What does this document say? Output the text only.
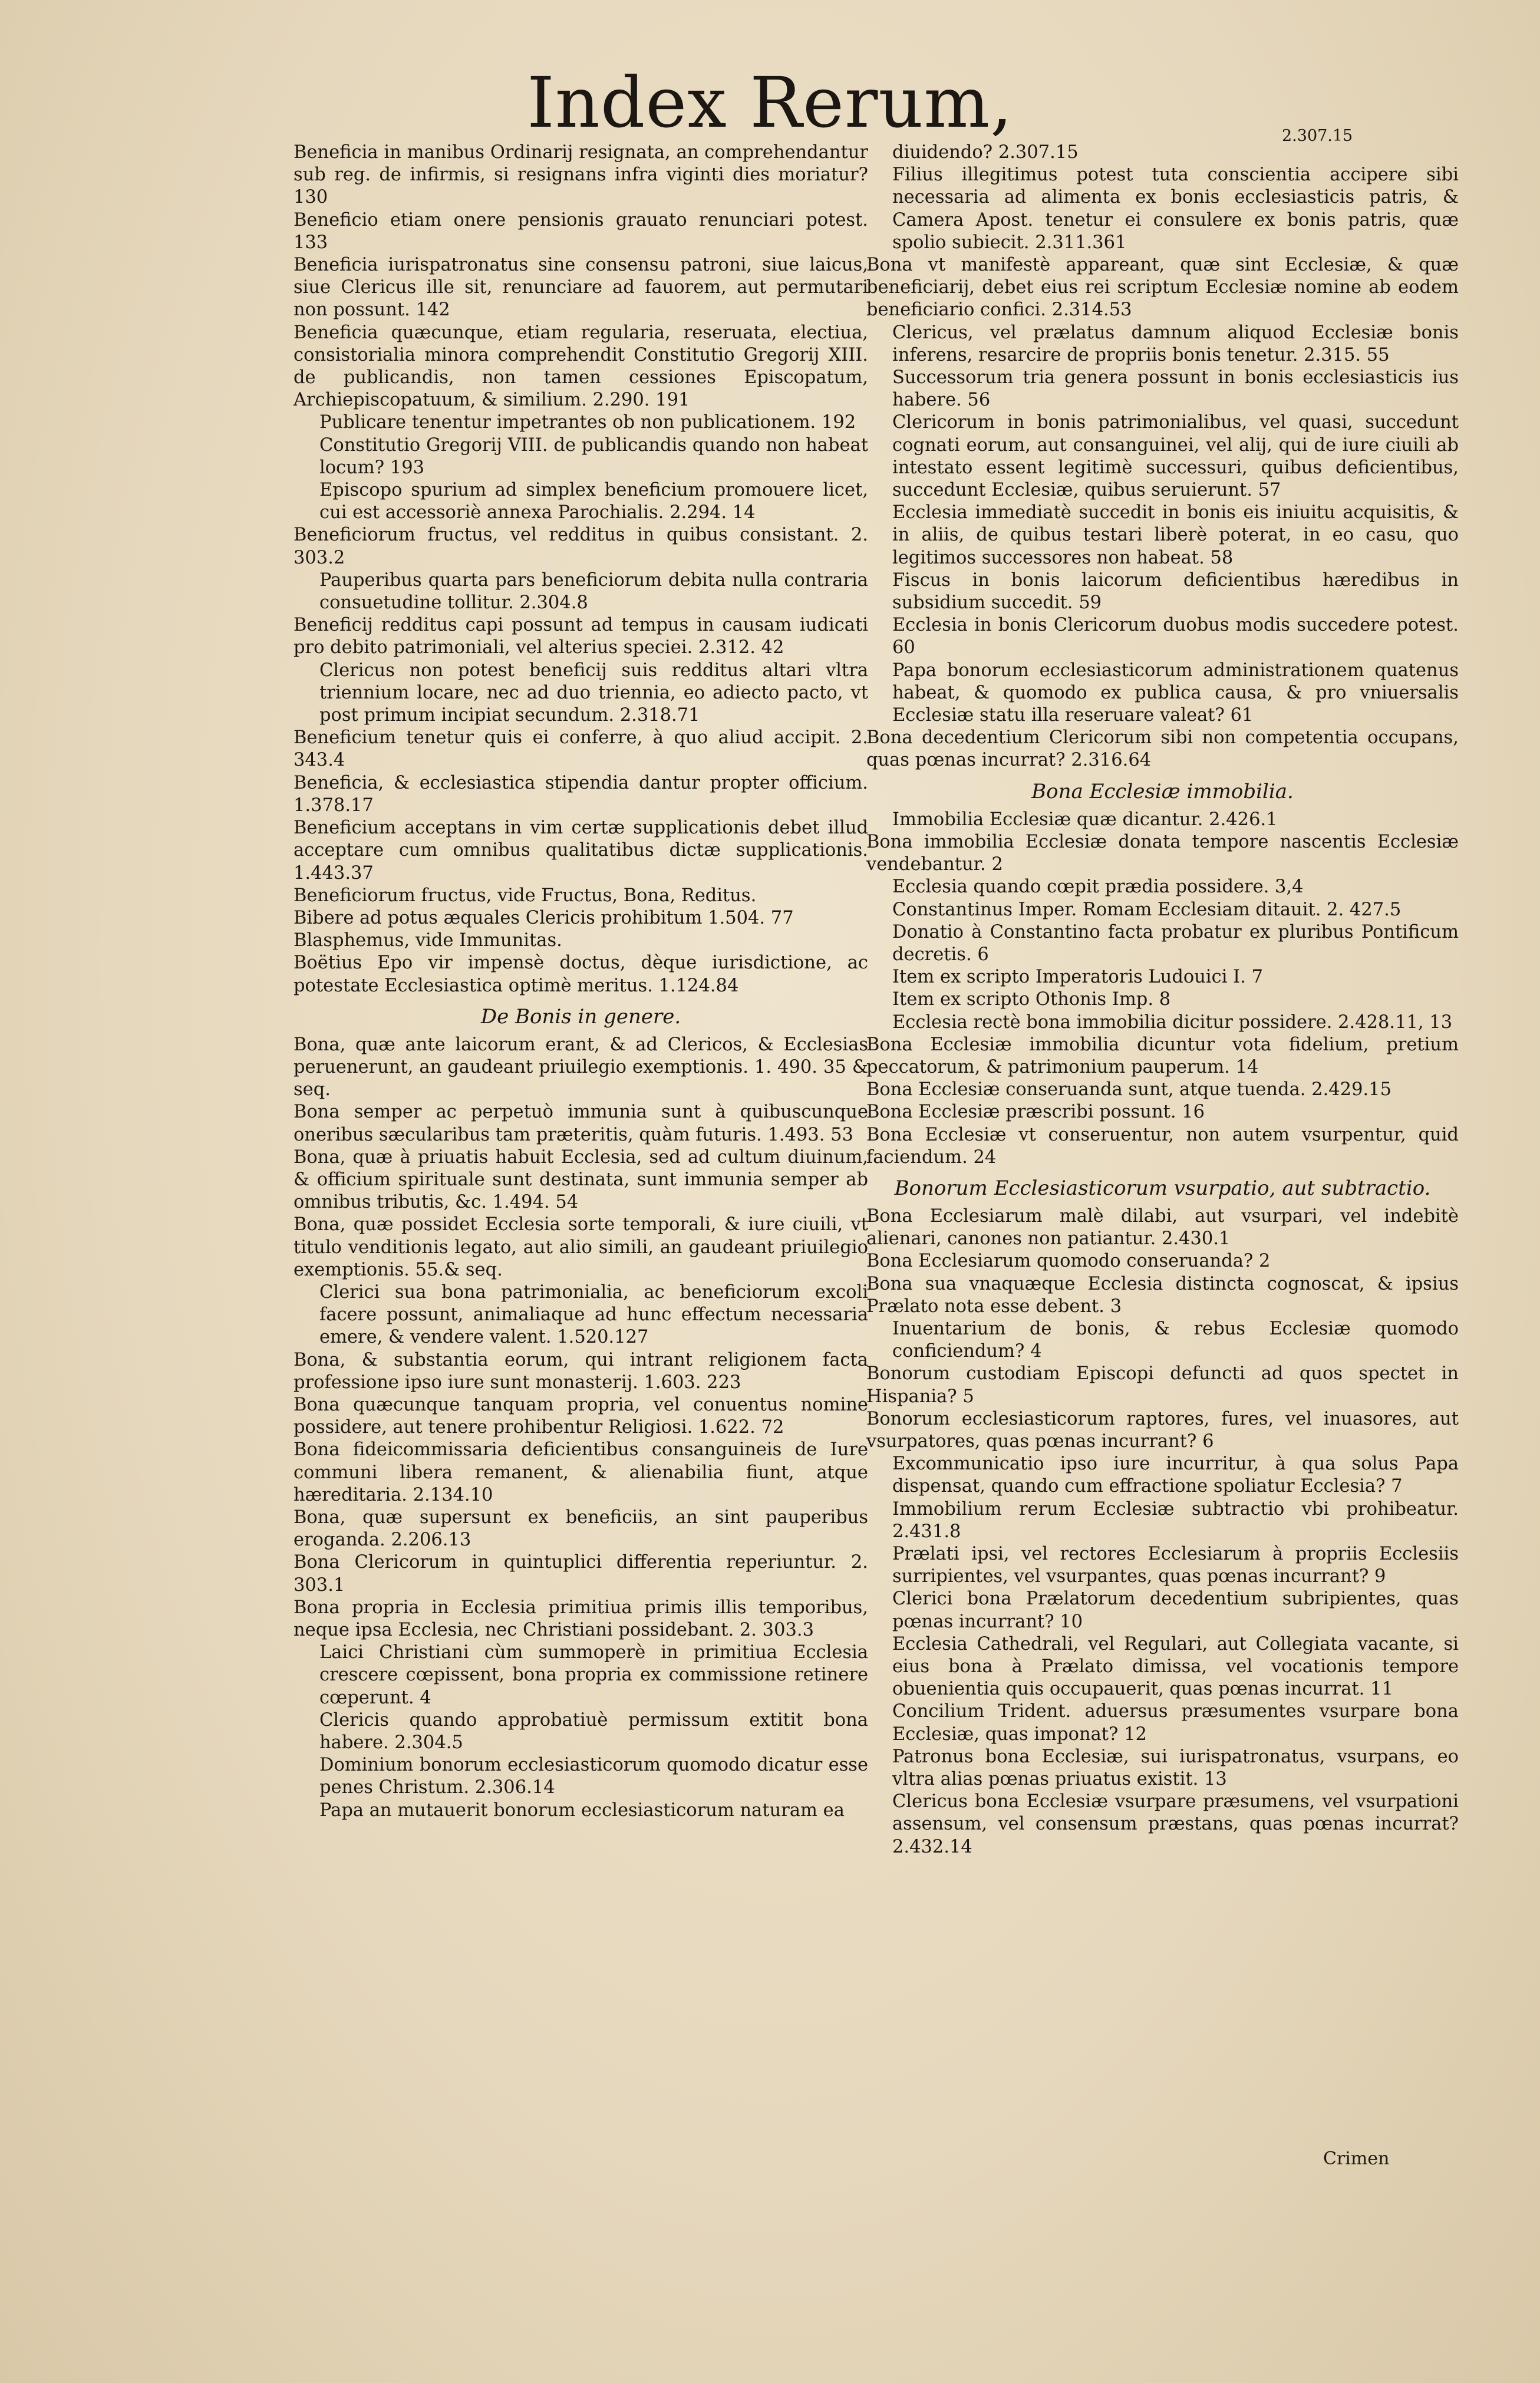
Index Rerum,	2.307.15
Beneficia in manibus Ordinarij resignata, an comprehendantur sub reg. de infirmis, si resignans infra viginti dies moriatur? 130
Beneficio etiam onere pensionis grauato renunciari potest. 133
Beneficia iurispatronatus sine consensu patroni, siue laicus, siue Clericus ille sit, renunciare ad fauorem, aut permutari non possunt. 142
Beneficia quæcunque, etiam regularia, reseruata, electiua, consistorialia minora comprehendit Constitutio Gregorij XIII. de publicandis, non tamen cessiones Episcopatum, Archiepiscopatuum, & similium. 2.290. 191
Publicare tenentur impetrantes ob non publicationem. 192
Constitutio Gregorij VIII. de publicandis quando non habeat locum? 193
Episcopo spurium ad simplex beneficium promouere licet, cui est accessoriè annexa Parochialis. 2.294. 14
Beneficiorum fructus, vel redditus in quibus consistant. 2. 303.2
Pauperibus quarta pars beneficiorum debita nulla contraria consuetudine tollitur. 2.304.8
Beneficij redditus capi possunt ad tempus in causam iudicati pro debito patrimoniali, vel alterius speciei. 2.312. 42
Clericus non potest beneficij suis redditus altari vltra triennium locare, nec ad duo triennia, eo adiecto pacto, vt post primum incipiat secundum. 2.318.71
Beneficium tenetur quis ei conferre, à quo aliud accipit. 2. 343.4
Beneficia, & ecclesiastica stipendia dantur propter officium. 1.378.17
Beneficium acceptans in vim certæ supplicationis debet illud acceptare cum omnibus qualitatibus dictæ supplicationis. 1.443.37
Beneficiorum fructus, vide Fructus, Bona, Reditus.
Bibere ad potus æquales Clericis prohibitum 1.504. 77
Blasphemus, vide Immunitas.
Boëtius Epo vir impensè doctus, dèque iurisdictione, ac potestate Ecclesiastica optimè meritus. 1.124.84
De Bonis in genere.
Bona, quæ ante laicorum erant, & ad Clericos, & Ecclesias peruenerunt, an gaudeant priuilegio exemptionis. 1. 490. 35 & seq.
Bona semper ac perpetuò immunia sunt à quibuscunque oneribus sæcularibus tam præteritis, quàm futuris. 1.493. 53
Bona, quæ à priuatis habuit Ecclesia, sed ad cultum diuinum, & officium spirituale sunt destinata, sunt immunia semper ab omnibus tributis, &c. 1.494. 54
Bona, quæ possidet Ecclesia sorte temporali, & iure ciuili, vt titulo venditionis legato, aut alio simili, an gaudeant priuilegio exemptionis. 55.& seq.
Clerici sua bona patrimonialia, ac beneficiorum excoli facere possunt, animaliaque ad hunc effectum necessaria emere, & vendere valent. 1.520.127
Bona, & substantia eorum, qui intrant religionem facta professione ipso iure sunt monasterij. 1.603. 223
Bona quæcunque tanquam propria, vel conuentus nomine possidere, aut tenere prohibentur Religiosi. 1.622. 72
Bona fideicommissaria deficientibus consanguineis de Iure communi libera remanent, & alienabilia fiunt, atque hæreditaria. 2.134.10
Bona, quæ supersunt ex beneficiis, an sint pauperibus eroganda. 2.206.13
Bona Clericorum in quintuplici differentia reperiuntur. 2. 303.1
Bona propria in Ecclesia primitiua primis illis temporibus, neque ipsa Ecclesia, nec Christiani possidebant. 2. 303.3
Laici Christiani cùm summoperè in primitiua Ecclesia crescere cœpissent, bona propria ex commissione retinere cœperunt. 4
Clericis quando approbatiuè permissum extitit bona habere. 2.304.5
Dominium bonorum ecclesiasticorum quomodo dicatur esse penes Christum. 2.306.14
Papa an mutauerit bonorum ecclesiasticorum naturam ea
diuidendo? 2.307.15
Filius illegitimus potest tuta conscientia accipere sibi necessaria ad alimenta ex bonis ecclesiasticis patris, & Camera Apost. tenetur ei consulere ex bonis patris, quæ spolio subiecit. 2.311.361
Bona vt manifestè appareant, quæ sint Ecclesiæ, & quæ beneficiarij, debet eius rei scriptum Ecclesiæ nomine ab eodem beneficiario confici. 2.314.53
Clericus, vel prælatus damnum aliquod Ecclesiæ bonis inferens, resarcire de propriis bonis tenetur. 2.315. 55
Successorum tria genera possunt in bonis ecclesiasticis ius habere. 56
Clericorum in bonis patrimonialibus, vel quasi, succedunt cognati eorum, aut consanguinei, vel alij, qui de iure ciuili ab intestato essent legitimè successuri, quibus deficientibus, succedunt Ecclesiæ, quibus seruierunt. 57
Ecclesia immediatè succedit in bonis eis iniuitu acquisitis, & in aliis, de quibus testari liberè poterat, in eo casu, quo legitimos successores non habeat. 58
Fiscus in bonis laicorum deficientibus hæredibus in subsidium succedit. 59
Ecclesia in bonis Clericorum duobus modis succedere potest. 60
Papa bonorum ecclesiasticorum administrationem quatenus habeat, & quomodo ex publica causa, & pro vniuersalis Ecclesiæ statu illa reseruare valeat? 61
Bona decedentium Clericorum sibi non competentia occupans, quas pœnas incurrat? 2.316.64
Bona Ecclesiæ immobilia.
Immobilia Ecclesiæ quæ dicantur. 2.426.1
Bona immobilia Ecclesiæ donata tempore nascentis Ecclesiæ vendebantur. 2
Ecclesia quando cœpit prædia possidere. 3,4
Constantinus Imper. Romam Ecclesiam ditauit. 2. 427.5
Donatio à Constantino facta probatur ex pluribus Pontificum decretis. 6
Item ex scripto Imperatoris Ludouici I. 7
Item ex scripto Othonis Imp. 8
Ecclesia rectè bona immobilia dicitur possidere. 2.428.11, 13
Bona Ecclesiæ immobilia dicuntur vota fidelium, pretium peccatorum, & patrimonium pauperum. 14
Bona Ecclesiæ conseruanda sunt, atque tuenda. 2.429.15
Bona Ecclesiæ præscribi possunt. 16
Bona Ecclesiæ vt conseruentur, non autem vsurpentur, quid faciendum. 24
Bonorum Ecclesiasticorum vsurpatio, aut subtractio.
Bona Ecclesiarum malè dilabi, aut vsurpari, vel indebitè alienari, canones non patiantur. 2.430.1
Bona Ecclesiarum quomodo conseruanda? 2
Bona sua vnaquæque Ecclesia distincta cognoscat, & ipsius Prælato nota esse debent. 3
Inuentarium de bonis, & rebus Ecclesiæ quomodo conficiendum? 4
Bonorum custodiam Episcopi defuncti ad quos spectet in Hispania? 5
Bonorum ecclesiasticorum raptores, fures, vel inuasores, aut vsurpatores, quas pœnas incurrant? 6
Excommunicatio ipso iure incurritur, à qua solus Papa dispensat, quando cum effractione spoliatur Ecclesia? 7
Immobilium rerum Ecclesiæ subtractio vbi prohibeatur. 2.431.8
Prælati ipsi, vel rectores Ecclesiarum à propriis Ecclesiis surripientes, vel vsurpantes, quas pœnas incurrant? 9
Clerici bona Prælatorum decedentium subripientes, quas pœnas incurrant? 10
Ecclesia Cathedrali, vel Regulari, aut Collegiata vacante, si eius bona à Prælato dimissa, vel vocationis tempore obuenientia quis occupauerit, quas pœnas incurrat. 11
Concilium Trident. aduersus præsumentes vsurpare bona Ecclesiæ, quas imponat? 12
Patronus bona Ecclesiæ, sui iurispatronatus, vsurpans, eo vltra alias pœnas priuatus existit. 13
Clericus bona Ecclesiæ vsurpare præsumens, vel vsurpationi assensum, vel consensum præstans, quas pœnas incurrat? 2.432.14
Crimen
